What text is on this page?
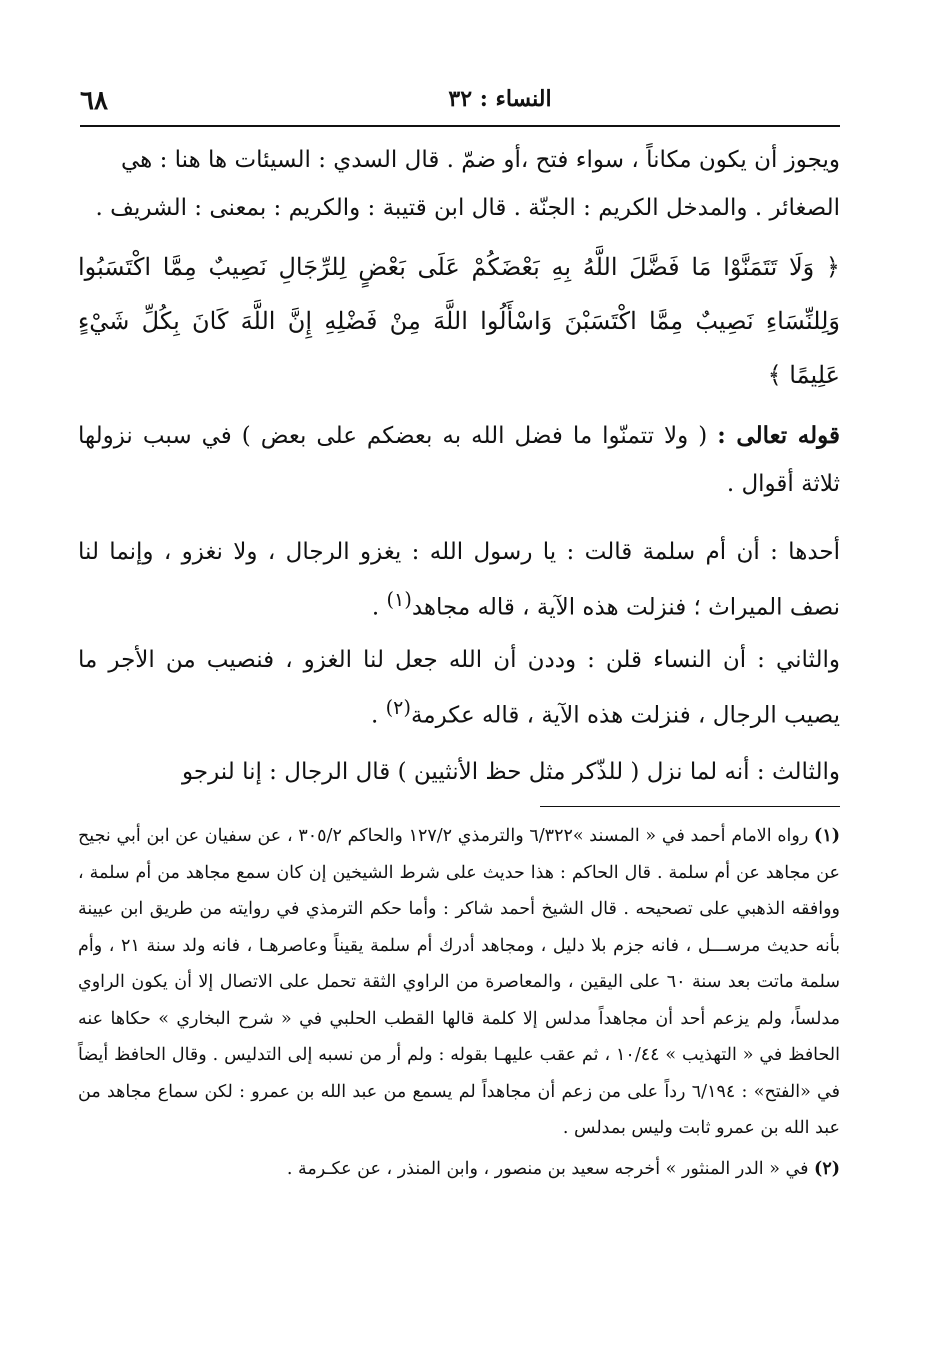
٦٨	النساء : ٣٢

ويجوز أن يكون مكاناً ، سواء فتح ،أو ضمّ . قال السدي : السيئات ها هنا : هي

الصغائر . والمدخل الكريم : الجنّة . قال ابن قتيبة : والكريم : بمعنى : الشريف .

﴿ وَلَا تَتَمَنَّوْا مَا فَضَّلَ اللَّهُ بِهِ بَعْضَكُمْ عَلَى بَعْضٍ لِلرِّجَالِ نَصِيبٌ مِمَّا اكْتَسَبُوا وَلِلنِّسَاءِ نَصِيبٌ مِمَّا اكْتَسَبْنَ وَاسْأَلُوا اللَّهَ مِنْ فَضْلِهِ إِنَّ اللَّهَ كَانَ بِكُلِّ شَيْءٍ عَلِيمًا ﴾

قوله تعالى : ( ولا تتمنّوا ما فضل الله به بعضكم على بعض ) في سبب نزولها ثلاثة أقوال .

أحدها : أن أم سلمة قالت : يا رسول الله : يغزو الرجال ، ولا نغزو ، وإنما لنا نصف الميراث ؛ فنزلت هذه الآية ، قاله مجاهد$^{(١)}$ .

والثاني : أن النساء قلن : وددن أن الله جعل لنا الغزو ، فنصيب من الأجر ما يصيب الرجال ، فنزلت هذه الآية ، قاله عكرمة$^{(٢)}$ .

والثالث : أنه لما نزل ( للذّكر مثل حظ الأنثيين ) قال الرجال : إنا لنرجو

(١) رواه الامام أحمد في « المسند »٦/٣٢٢ والترمذي ١٢٧/٢ والحاكم ٣٠٥/٢ ، عن سفيان عن ابن أبي نجيح عن مجاهد عن أم سلمة . قال الحاكم : هذا حديث على شرط الشيخين إن كان سمع مجاهد من أم سلمة ، ووافقه الذهبي على تصحيحه . قال الشيخ أحمد شاكر : وأما حكم الترمذي في روايته من طريق ابن عيينة بأنه حديث مرســـل ، فانه جزم بلا دليل ، ومجاهد أدرك أم سلمة يقيناً وعاصرهـا ، فانه ولد سنة ٢١ ، وأم سلمة ماتت بعد سنة ٦٠ على اليقين ، والمعاصرة من الراوي الثقة تحمل على الاتصال إلا أن يكون الراوي مدلساً، ولم يزعم أحد أن مجاهداً مدلس إلا كلمة قالها القطب الحلبي في « شرح البخاري » حكاها عنه الحافظ في « التهذيب » ١٠/٤٤ ، ثم عقب عليهـا بقوله : ولم أر من نسبه إلى التدليس . وقال الحافظ أيضاً في «الفتح» : ٦/١٩٤ رداً على من زعم أن مجاهداً لم يسمع من عبد الله بن عمرو : لكن سماع مجاهد من عبد الله بن عمرو ثابت وليس بمدلس .

(٢) في « الدر المنثور » أخرجه سعيد بن منصور ، وابن المنذر ، عن عكـرمة .
